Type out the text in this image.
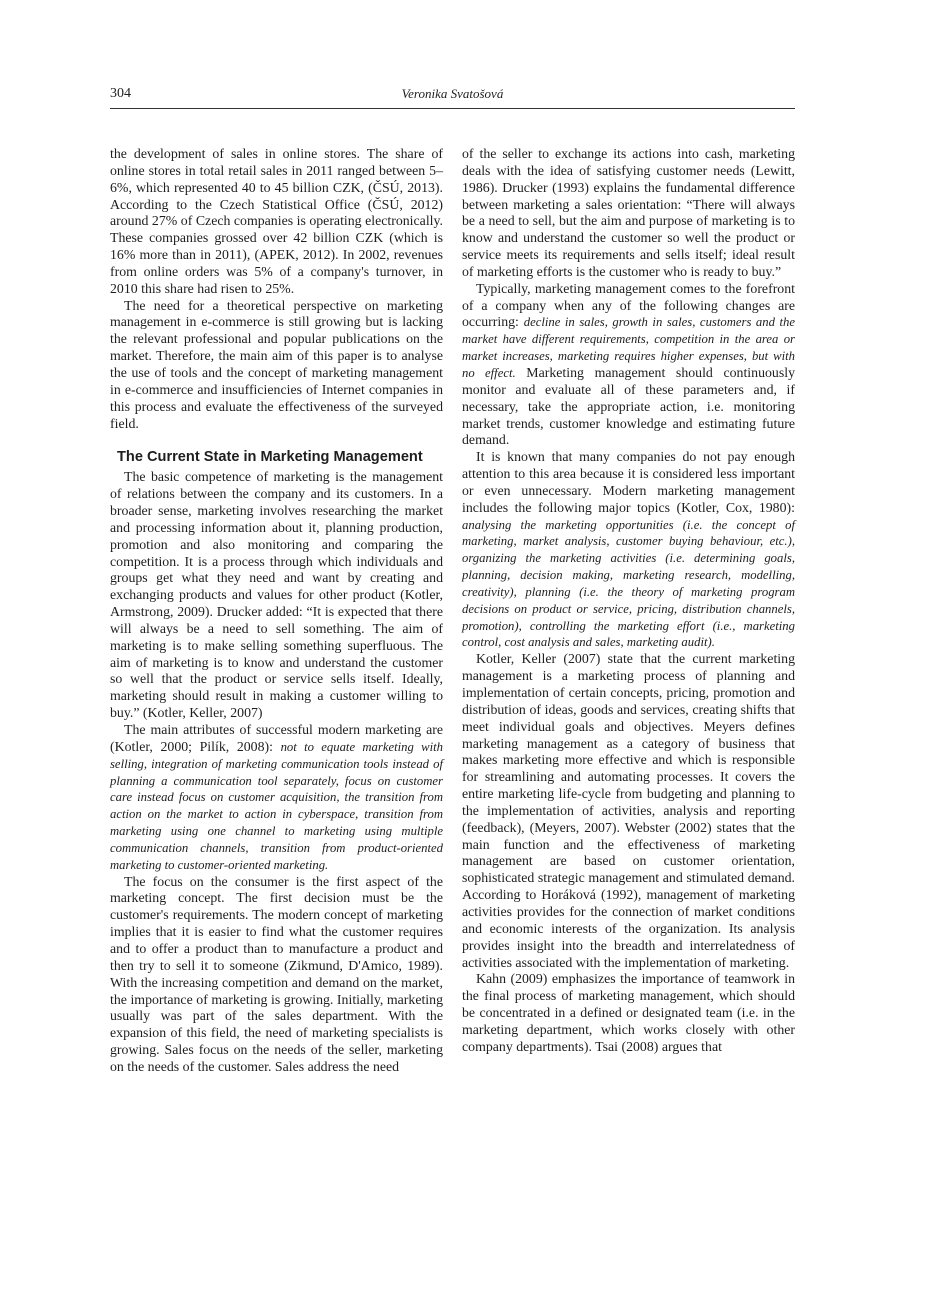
304	Veronika Svatošová

the development of sales in online stores. The share of online stores in total retail sales in 2011 ranged between 5–6%, which represented 40 to 45 billion CZK, (ČSÚ, 2013). According to the Czech Statistical Office (ČSÚ, 2012) around 27% of Czech companies is operating electronically. These companies grossed over 42 billion CZK (which is 16% more than in 2011), (APEK, 2012). In 2002, revenues from online orders was 5% of a company's turnover, in 2010 this share had risen to 25%.

The need for a theoretical perspective on marketing management in e-commerce is still growing but is lacking the relevant professional and popular publications on the market. Therefore, the main aim of this paper is to analyse the use of tools and the concept of marketing management in e-commerce and insufficiencies of Internet companies in this process and evaluate the effectiveness of the surveyed field.

The Current State in Marketing Management

The basic competence of marketing is the management of relations between the company and its customers. In a broader sense, marketing involves researching the market and processing information about it, planning production, promotion and also monitoring and comparing the competition. It is a process through which individuals and groups get what they need and want by creating and exchanging products and values for other product (Kotler, Armstrong, 2009). Drucker added: “It is expected that there will always be a need to sell something. The aim of marketing is to make selling something superfluous. The aim of marketing is to know and understand the customer so well that the product or service sells itself. Ideally, marketing should result in making a customer willing to buy.” (Kotler, Keller, 2007)

The main attributes of successful modern marketing are (Kotler, 2000; Pilík, 2008): not to equate marketing with selling, integration of marketing communication tools instead of planning a communication tool separately, focus on customer care instead focus on customer acquisition, the transition from action on the market to action in cyberspace, transition from marketing using one channel to marketing using multiple communication channels, transition from product-oriented marketing to customer-oriented marketing.

The focus on the consumer is the first aspect of the marketing concept. The first decision must be the customer's requirements. The modern concept of marketing implies that it is easier to find what the customer requires and to offer a product than to manufacture a product and then try to sell it to someone (Zikmund, D'Amico, 1989). With the increasing competition and demand on the market, the importance of marketing is growing. Initially, marketing usually was part of the sales department. With the expansion of this field, the need of marketing specialists is growing. Sales focus on the needs of the seller, marketing on the needs of the customer. Sales address the need

of the seller to exchange its actions into cash, marketing deals with the idea of satisfying customer needs (Lewitt, 1986). Drucker (1993) explains the fundamental difference between marketing a sales orientation: “There will always be a need to sell, but the aim and purpose of marketing is to know and understand the customer so well the product or service meets its requirements and sells itself; ideal result of marketing efforts is the customer who is ready to buy.”

Typically, marketing management comes to the forefront of a company when any of the following changes are occurring: decline in sales, growth in sales, customers and the market have different requirements, competition in the area or market increases, marketing requires higher expenses, but with no effect. Marketing management should continuously monitor and evaluate all of these parameters and, if necessary, take the appropriate action, i.e. monitoring market trends, customer knowledge and estimating future demand.

It is known that many companies do not pay enough attention to this area because it is considered less important or even unnecessary. Modern marketing management includes the following major topics (Kotler, Cox, 1980): analysing the marketing opportunities (i.e. the concept of marketing, market analysis, customer buying behaviour, etc.), organizing the marketing activities (i.e. determining goals, planning, decision making, marketing research, modelling, creativity), planning (i.e. the theory of marketing program decisions on product or service, pricing, distribution channels, promotion), controlling the marketing effort (i.e., marketing control, cost analysis and sales, marketing audit).

Kotler, Keller (2007) state that the current marketing management is a marketing process of planning and implementation of certain concepts, pricing, promotion and distribution of ideas, goods and services, creating shifts that meet individual goals and objectives. Meyers defines marketing management as a category of business that makes marketing more effective and which is responsible for streamlining and automating processes. It covers the entire marketing life-cycle from budgeting and planning to the implementation of activities, analysis and reporting (feedback), (Meyers, 2007). Webster (2002) states that the main function and the effectiveness of marketing management are based on customer orientation, sophisticated strategic management and stimulated demand. According to Horáková (1992), management of marketing activities provides for the connection of market conditions and economic interests of the organization. Its analysis provides insight into the breadth and interrelatedness of activities associated with the implementation of marketing.

Kahn (2009) emphasizes the importance of teamwork in the final process of marketing management, which should be concentrated in a defined or designated team (i.e. in the marketing department, which works closely with other company departments). Tsai (2008) argues that
